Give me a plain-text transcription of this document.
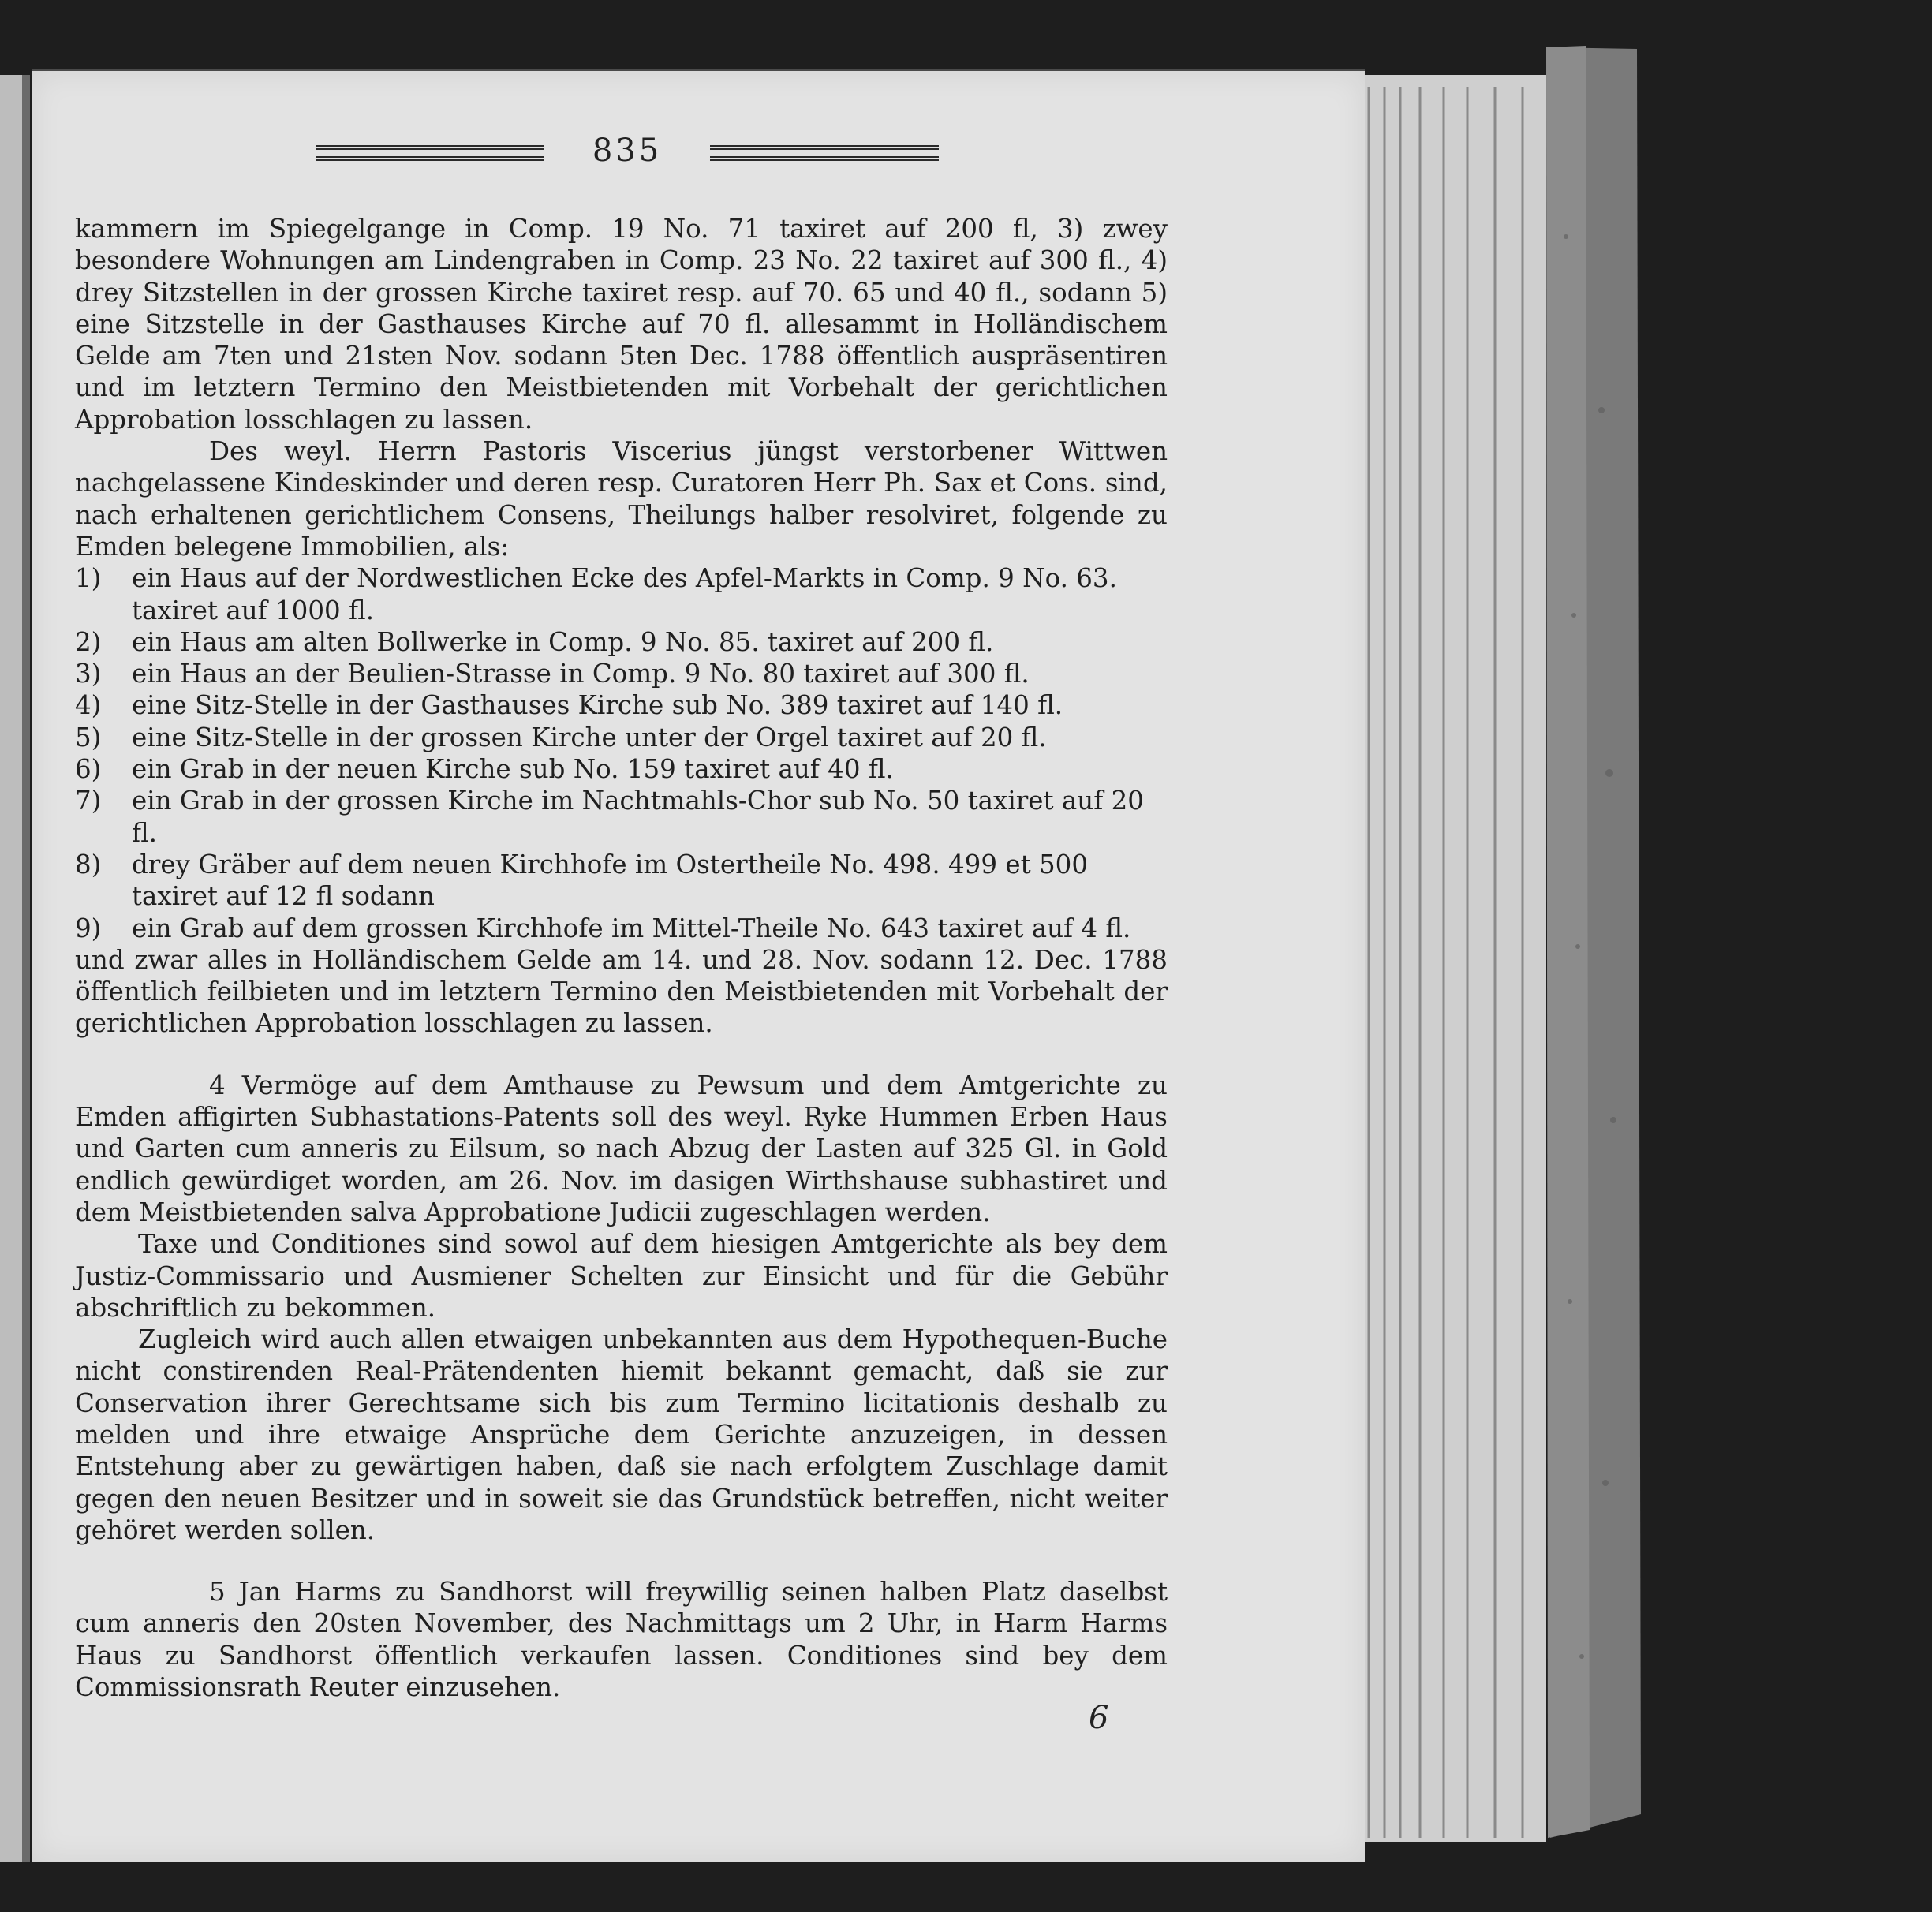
835

kammern im Spiegelgange in Comp. 19 No. 71 taxiret auf 200 fl, 3) zwey besondere Wohnungen am Lindengraben in Comp. 23 No. 22 taxiret auf 300 fl., 4) drey Sitzstellen in der grossen Kirche taxiret resp. auf 70. 65 und 40 fl., sodann 5) eine Sitzstelle in der Gasthauses Kirche auf 70 fl. allesammt in Holländischem Gelde am 7ten und 21sten Nov. sodann 5ten Dec. 1788 öffentlich auspräsentiren und im letztern Termino den Meistbietenden mit Vorbehalt der gerichtlichen Approbation losschlagen zu lassen.

Des weyl. Herrn Pastoris Viscerius jüngst verstorbener Wittwen nachgelassene Kindeskinder und deren resp. Curatoren Herr Ph. Sax et Cons. sind, nach erhaltenen gerichtlichem Consens, Theilungs halber resolviret, folgende zu Emden belegene Immobilien, als:

1) ein Haus auf der Nordwestlichen Ecke des Apfel-Markts in Comp. 9 No. 63. taxiret auf 1000 fl.
2) ein Haus am alten Bollwerke in Comp. 9 No. 85. taxiret auf 200 fl.
3) ein Haus an der Beulien-Strasse in Comp. 9 No. 80 taxiret auf 300 fl.
4) eine Sitz-Stelle in der Gasthauses Kirche sub No. 389 taxiret auf 140 fl.
5) eine Sitz-Stelle in der grossen Kirche unter der Orgel taxiret auf 20 fl.
6) ein Grab in der neuen Kirche sub No. 159 taxiret auf 40 fl.
7) ein Grab in der grossen Kirche im Nachtmahls-Chor sub No. 50 taxiret auf 20 fl.
8) drey Gräber auf dem neuen Kirchhofe im Ostertheile No. 498. 499 et 500 taxiret auf 12 fl sodann
9) ein Grab auf dem grossen Kirchhofe im Mittel-Theile No. 643 taxiret auf 4 fl.

und zwar alles in Holländischem Gelde am 14. und 28. Nov. sodann 12. Dec. 1788 öffentlich feilbieten und im letztern Termino den Meistbietenden mit Vorbehalt der gerichtlichen Approbation losschlagen zu lassen.

4 Vermöge auf dem Amthause zu Pewsum und dem Amtgerichte zu Emden affigirten Subhastations-Patents soll des weyl. Ryke Hummen Erben Haus und Garten cum anneris zu Eilsum, so nach Abzug der Lasten auf 325 Gl. in Gold endlich gewürdiget worden, am 26. Nov. im dasigen Wirthshause subhastiret und dem Meistbietenden salva Approbatione Judicii zugeschlagen werden.

Taxe und Conditiones sind sowol auf dem hiesigen Amtgerichte als bey dem Justiz-Commissario und Ausmiener Schelten zur Einsicht und für die Gebühr abschriftlich zu bekommen.

Zugleich wird auch allen etwaigen unbekannten aus dem Hypothequen-Buche nicht constirenden Real-Prätendenten hiemit bekannt gemacht, daß sie zur Conservation ihrer Gerechtsame sich bis zum Termino licitationis deshalb zu melden und ihre etwaige Ansprüche dem Gerichte anzuzeigen, in dessen Entstehung aber zu gewärtigen haben, daß sie nach erfolgtem Zuschlage damit gegen den neuen Besitzer und in soweit sie das Grundstück betreffen, nicht weiter gehöret werden sollen.

5 Jan Harms zu Sandhorst will freywillig seinen halben Platz daselbst cum anneris den 20sten November, des Nachmittags um 2 Uhr, in Harm Harms Haus zu Sandhorst öffentlich verkaufen lassen. Conditiones sind bey dem Commissionsrath Reuter einzusehen.

6
